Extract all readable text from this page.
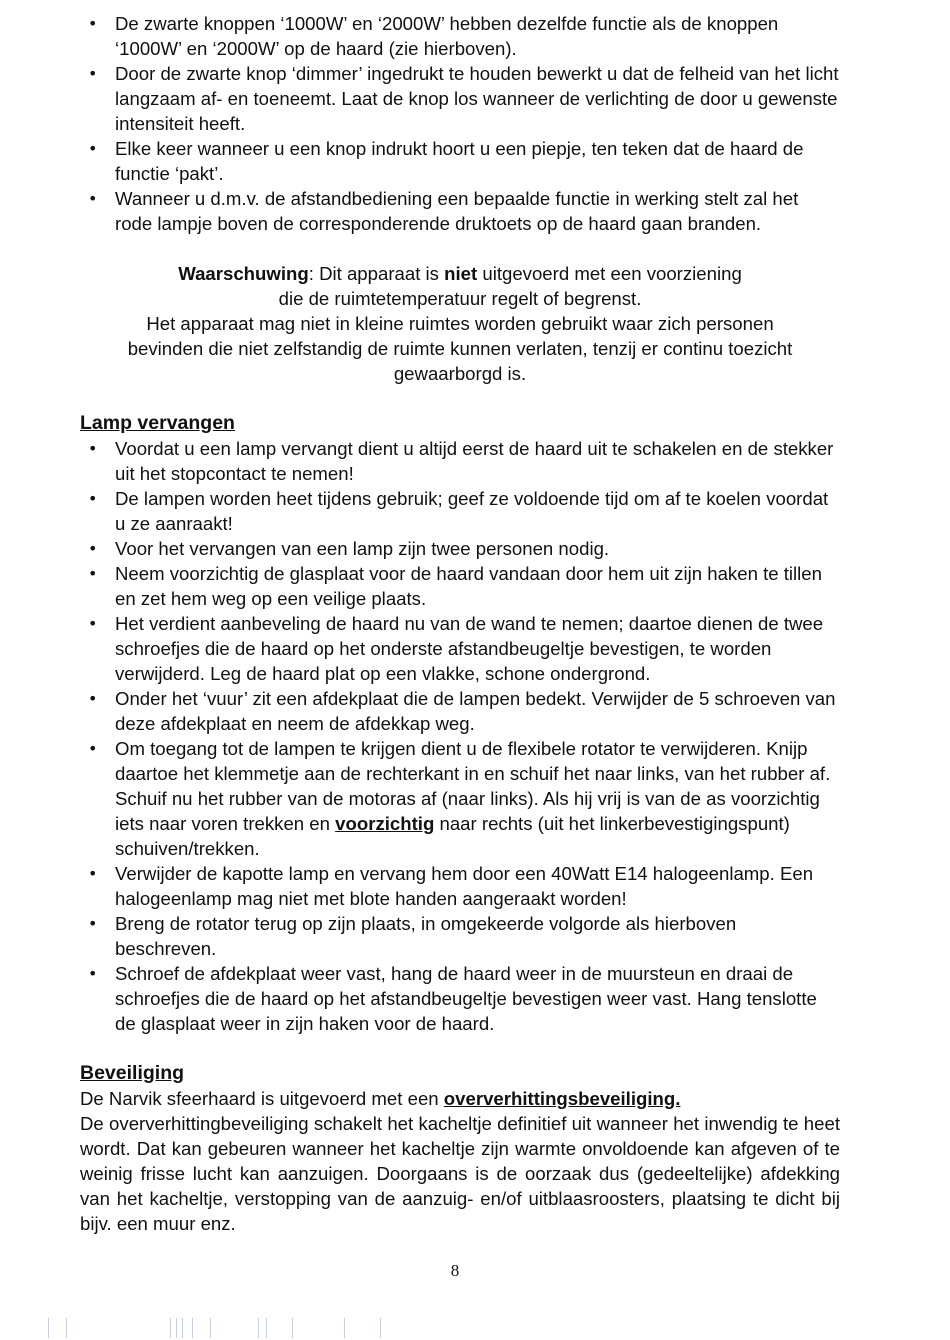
• De zwarte knoppen ‘1000W’ en ‘2000W’ hebben dezelfde functie als de knoppen ‘1000W’ en ‘2000W’ op de haard (zie hierboven).
• Door de zwarte knop ‘dimmer’ ingedrukt te houden bewerkt u dat de felheid van het licht langzaam af- en toeneemt. Laat de knop los wanneer de verlichting de door u gewenste intensiteit heeft.
• Elke keer wanneer u een knop indrukt hoort u een piepje, ten teken dat de haard de functie ‘pakt’.
• Wanneer u d.m.v. de afstandbediening een bepaalde functie in werking stelt zal het rode lampje boven de corresponderende druktoets op de haard gaan branden.

Waarschuwing: Dit apparaat is niet uitgevoerd met een voorziening

die de ruimtetemperatuur regelt of begrenst.

Het apparaat mag niet in kleine ruimtes worden gebruikt waar zich personen

bevinden die niet zelfstandig de ruimte kunnen verlaten, tenzij er continu toezicht

gewaarborgd is.

Lamp vervangen
• Voordat u een lamp vervangt dient u altijd eerst de haard uit te schakelen en de stekker uit het stopcontact te nemen!
• De lampen worden heet tijdens gebruik; geef ze voldoende tijd om af te koelen voordat u ze aanraakt!
• Voor het vervangen van een lamp zijn twee personen nodig.
• Neem voorzichtig de glasplaat voor de haard vandaan door hem uit zijn haken te tillen en zet hem weg op een veilige plaats.
• Het verdient aanbeveling de haard nu van de wand te nemen; daartoe dienen de twee schroefjes die de haard op het onderste afstandbeugeltje bevestigen, te worden verwijderd. Leg de haard plat op een vlakke, schone ondergrond.
• Onder het ‘vuur’ zit een afdekplaat die de lampen bedekt. Verwijder de 5 schroeven van deze afdekplaat en neem de afdekkap weg.
• Om toegang tot de lampen te krijgen dient u de flexibele rotator te verwijderen. Knijp daartoe het klemmetje aan de rechterkant in en schuif het naar links, van het rubber af. Schuif nu het rubber van de motoras af (naar links). Als hij vrij is van de as voorzichtig iets naar voren trekken en voorzichtig naar rechts (uit het linkerbevestigingspunt) schuiven/trekken.
• Verwijder de kapotte lamp en vervang hem door een 40Watt E14 halogeenlamp. Een halogeenlamp mag niet met blote handen aangeraakt worden!
• Breng de rotator terug op zijn plaats, in omgekeerde volgorde als hierboven beschreven.
• Schroef de afdekplaat weer vast, hang de haard weer in de muursteun en draai de schroefjes die de haard op het afstandbeugeltje bevestigen weer vast. Hang tenslotte de glasplaat weer in zijn haken voor de haard.
Beveiliging

De Narvik sfeerhaard is uitgevoerd met een oververhittingsbeveiliging.

De oververhittingbeveiliging schakelt het kacheltje definitief uit wanneer het inwendig te heet wordt. Dat kan gebeuren wanneer het kacheltje zijn warmte onvoldoende kan afgeven of te weinig frisse lucht kan aanzuigen. Doorgaans is de oorzaak dus (gedeeltelijke) afdekking van het kacheltje, verstopping van de aanzuig- en/of uitblaasroosters, plaatsing te dicht bij bijv. een muur enz.

8
